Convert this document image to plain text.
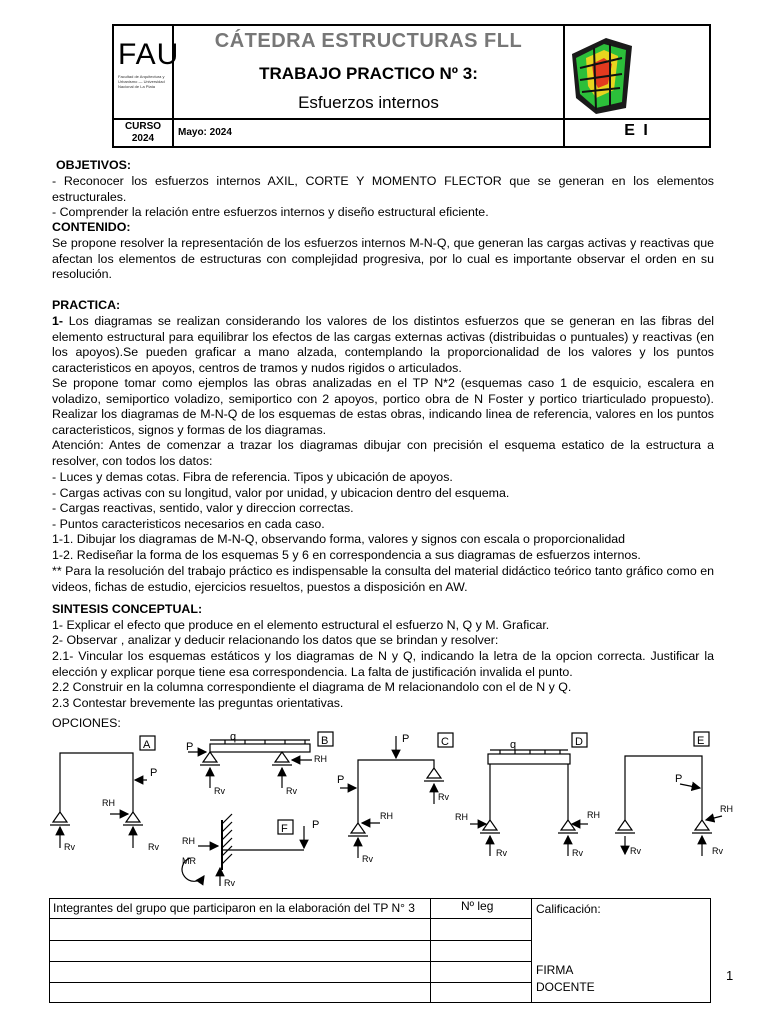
FAU
Facultad de Arquitectura y Urbanismo — Universidad Nacional de La Plata
CÁTEDRA ESTRUCTURAS FLL
TRABAJO PRACTICO Nº 3:
Esfuerzos internos
CURSO
2024
Mayo: 2024	E I
OBJETIVOS:
- Reconocer los esfuerzos internos AXIL, CORTE Y MOMENTO FLECTOR que se generan en los elementos estructurales.
- Comprender la relación entre esfuerzos internos y diseño estructural eficiente.
CONTENIDO:
Se propone resolver la representación de los esfuerzos internos M-N-Q, que generan las cargas activas y reactivas que afectan los elementos de estructuras con complejidad progresiva, por lo cual es importante observar el orden en su resolución.
PRACTICA:
1- Los diagramas se realizan considerando los valores de los distintos esfuerzos que se generan en las fibras del elemento estructural para equilibrar los efectos de las cargas externas activas (distribuidas o puntuales) y reactivas (en los apoyos).Se pueden graficar a mano alzada, contemplando la proporcionalidad de los valores y los puntos caracteristicos en apoyos, centros de tramos y nudos rigidos o articulados.
Se propone tomar como ejemplos las obras analizadas en el TP N*2 (esquemas caso 1 de esquicio, escalera en voladizo, semiportico voladizo, semiportico con 2 apoyos, portico obra de N Foster y portico triarticulado propuesto). Realizar los diagramas de M-N-Q de los esquemas de estas obras, indicando linea de referencia, valores en los puntos caracteristicos, signos y formas de los diagramas.
Atención: Antes de comenzar a trazar los diagramas dibujar con precisión el esquema estatico de la estructura a resolver, con todos los datos:
- Luces y demas cotas. Fibra de referencia. Tipos y ubicación de apoyos.
- Cargas activas con su longitud, valor por unidad, y ubicacion dentro del esquema.
- Cargas reactivas, sentido, valor y direccion correctas.
- Puntos caracteristicos necesarios en cada caso.
1-1. Dibujar los diagramas de M-N-Q, observando forma, valores y signos con escala o proporcionalidad
1-2. Rediseñar la forma de los esquemas 5 y 6 en correspondencia a sus diagramas de esfuerzos internos.
** Para la resolución del trabajo práctico es indispensable la consulta del material didáctico teórico tanto gráfico como en videos, fichas de estudio, ejercicios resueltos, puestos a disposición en AW.
SINTESIS CONCEPTUAL:
1- Explicar el efecto que produce en el elemento estructural el esfuerzo N, Q y M. Graficar.
2- Observar , analizar y deducir relacionando los datos que se brindan y resolver:
2.1- Vincular los esquemas estáticos y los diagramas de N y Q, indicando la letra de la opcion correcta. Justificar la elección y explicar porque tiene esa correspondencia. La falta de justificación invalida el punto.
2.2 Construir en la columna correspondiente el diagrama de M relacionandolo con el de N y Q.
2.3 Contestar brevemente las preguntas orientativas.
OPCIONES:
A	B	C	D	E
F
P
RH
Rv	Rv
P
q
RH
Rv	Rv
P
P
RH
Rv
Rv
q
RH	RH
Rv	Rv
P
RH
Rv	Rv
P
RH
MR
Rv
Integrantes del grupo que participaron en la elaboración del TP N° 3	Nº leg	Calificación:
FIRMA
DOCENTE
1
